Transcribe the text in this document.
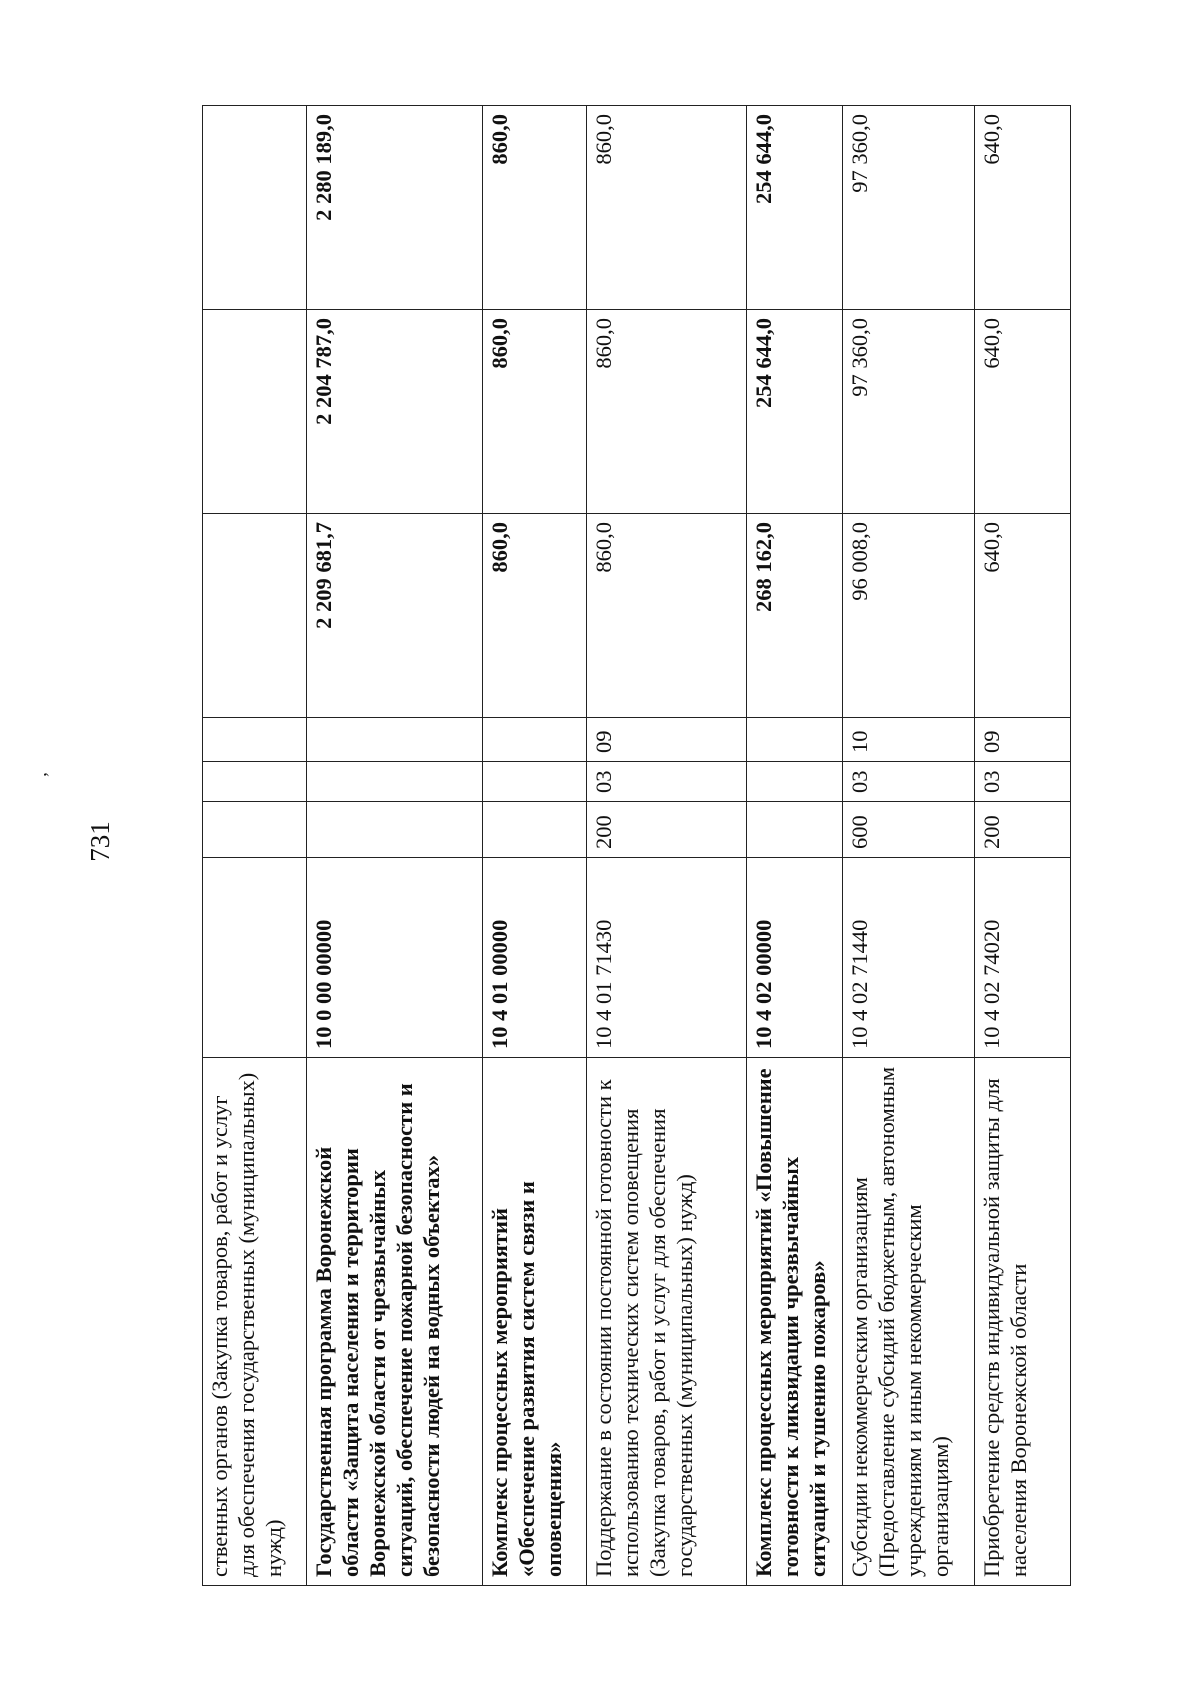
731
,
ственных органов (Закупка товаров, работ и услуг для обеспечения государственных (муниципальных) нужд)							
Государственная программа Воронежской области «Защита населения и территории Воронежской области от чрезвычайных ситуаций, обеспечение пожарной безопасности и безопасности людей на водных объектах»	10 0 00 00000				2 209 681,7	2 204 787,0	2 280 189,0
Комплекс процессных мероприятий «Обеспечение развития систем связи и оповещения»	10 4 01 00000				860,0	860,0	860,0
Поддержание в состоянии постоянной готовности к использованию технических систем оповещения (Закупка товаров, работ и услуг для обеспечения государственных (муниципальных) нужд)	10 4 01 71430	200	03	09	860,0	860,0	860,0
Комплекс процессных мероприятий «Повышение готовности к ликвидации чрезвычайных ситуаций и тушению пожаров»	10 4 02 00000				268 162,0	254 644,0	254 644,0
Субсидии некоммерческим организациям (Предоставление субсидий бюджетным, автономным учреждениям и иным некоммерческим организациям)	10 4 02 71440	600	03	10	96 008,0	97 360,0	97 360,0
Приобретение средств индивидуальной защиты для населения Воронежской области	10 4 02 74020	200	03	09	640,0	640,0	640,0
